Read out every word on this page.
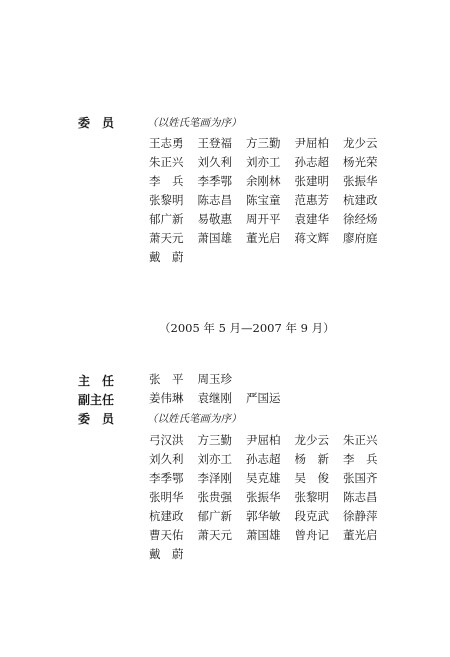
委　员	（以姓氏笔画为序）
王志勇 王登福 方三勤 尹屈柏 龙少云
朱正兴 刘久利 刘亦工 孙志超 杨光荣
李　兵 李季鄂 余刚林 张建明 张振华
张黎明 陈志昌 陈宝童 范惠芳 杭建政
郁广新 易敬惠 周开平 袁建华 徐经炀
萧天元 萧国雄 董光启 蒋文辉 廖府庭
戴　蔚
（2005 年 5 月—2007 年 9 月）
主　任	张　平 周玉珍
副主任	姜伟琳 袁继刚 严国运
委　员	（以姓氏笔画为序）
弓汉洪 方三勤 尹屈柏 龙少云 朱正兴
刘久利 刘亦工 孙志超 杨　新 李　兵
李季鄂 李泽刚 吴克雄 吴　俊 张国齐
张明华 张贵强 张振华 张黎明 陈志昌
杭建政 郁广新 郭华敏 段克武 徐静萍
曹天佑 萧天元 萧国雄 曾舟记 董光启
戴　蔚
